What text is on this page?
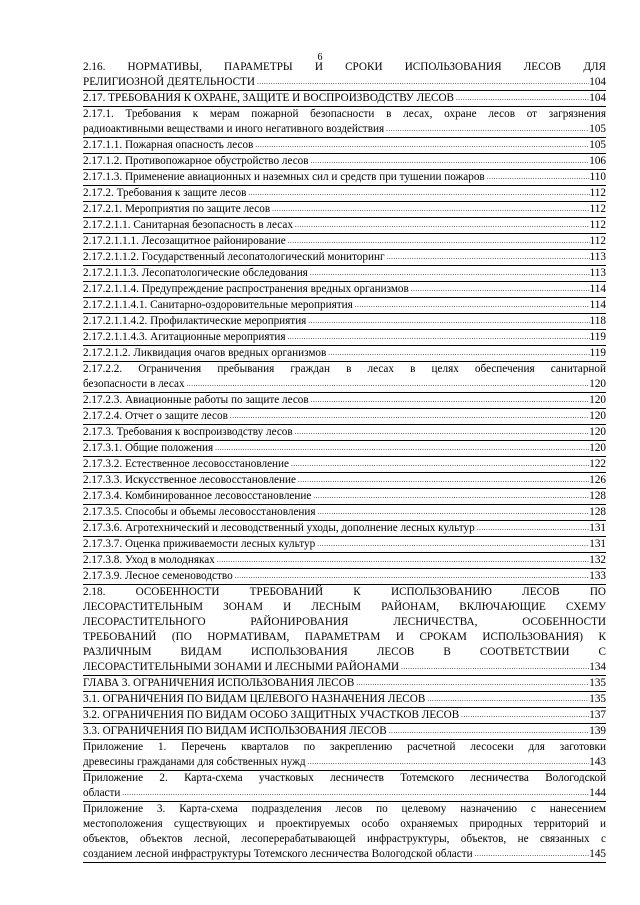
6
2.16. НОРМАТИВЫ, ПАРАМЕТРЫ И СРОКИ ИСПОЛЬЗОВАНИЯ ЛЕСОВ ДЛЯ
РЕЛИГИОЗНОЙ ДЕЯТЕЛЬНОСТИ . . .	104
2.17. ТРЕБОВАНИЯ К ОХРАНЕ, ЗАЩИТЕ И ВОСПРОИЗВОДСТВУ ЛЕСОВ . . .	104
2.17.1. Требования к мерам пожарной безопасности в лесах, охране лесов от загрязнения
радиоактивными веществами и иного негативного воздействия . . .	105
2.17.1.1. Пожарная опасность лесов . . .	105
2.17.1.2. Противопожарное обустройство лесов . . .	106
2.17.1.3. Применение авиационных и наземных сил и средств при тушении пожаров . . .	110
2.17.2. Требования к защите лесов . . .	112
2.17.2.1. Мероприятия по защите лесов . . .	112
2.17.2.1.1. Санитарная безопасность в лесах . . .	112
2.17.2.1.1.1. Лесозащитное районирование . . .	112
2.17.2.1.1.2. Государственный лесопатологический мониторинг . . .	113
2.17.2.1.1.3. Лесопатологические обследования . . .	113
2.17.2.1.1.4. Предупреждение распространения вредных организмов . . .	114
2.17.2.1.1.4.1. Санитарно-оздоровительные мероприятия . . .	114
2.17.2.1.1.4.2. Профилактические мероприятия . . .	118
2.17.2.1.1.4.3. Агитационные мероприятия . . .	119
2.17.2.1.2. Ликвидация очагов вредных организмов . . .	119
2.17.2.2. Ограничения пребывания граждан в лесах в целях обеспечения санитарной
безопасности в лесах . . .	120
2.17.2.3. Авиационные работы по защите лесов . . .	120
2.17.2.4. Отчет о защите лесов . . .	120
2.17.3. Требования к воспроизводству лесов . . .	120
2.17.3.1. Общие положения . . .	120
2.17.3.2. Естественное лесовосстановление . . .	122
2.17.3.3. Искусственное лесовосстановление . . .	126
2.17.3.4. Комбинированное лесовосстановление . . .	128
2.17.3.5. Способы и объемы лесовосстановления . . .	128
2.17.3.6. Агротехнический и лесоводственный уходы, дополнение лесных культур . . .	131
2.17.3.7. Оценка приживаемости лесных культур . . .	131
2.17.3.8. Уход в молодняках . . .	132
2.17.3.9. Лесное семеноводство . . .	133
2.18. ОСОБЕННОСТИ ТРЕБОВАНИЙ К ИСПОЛЬЗОВАНИЮ ЛЕСОВ ПО
ЛЕСОРАСТИТЕЛЬНЫМ ЗОНАМ И ЛЕСНЫМ РАЙОНАМ, ВКЛЮЧАЮЩИЕ СХЕМУ
ЛЕСОРАСТИТЕЛЬНОГО РАЙОНИРОВАНИЯ ЛЕСНИЧЕСТВА, ОСОБЕННОСТИ
ТРЕБОВАНИЙ (ПО НОРМАТИВАМ, ПАРАМЕТРАМ И СРОКАМ ИСПОЛЬЗОВАНИЯ) К
РАЗЛИЧНЫМ ВИДАМ ИСПОЛЬЗОВАНИЯ ЛЕСОВ В СООТВЕТСТВИИ С
ЛЕСОРАСТИТЕЛЬНЫМИ ЗОНАМИ И ЛЕСНЫМИ РАЙОНАМИ . . .	134
ГЛАВА 3. ОГРАНИЧЕНИЯ ИСПОЛЬЗОВАНИЯ ЛЕСОВ . . .	135
3.1. ОГРАНИЧЕНИЯ ПО ВИДАМ ЦЕЛЕВОГО НАЗНАЧЕНИЯ ЛЕСОВ . . .	135
3.2. ОГРАНИЧЕНИЯ ПО ВИДАМ ОСОБО ЗАЩИТНЫХ УЧАСТКОВ ЛЕСОВ . . .	137
3.3. ОГРАНИЧЕНИЯ ПО ВИДАМ ИСПОЛЬЗОВАНИЯ ЛЕСОВ . . .	139
Приложение 1. Перечень кварталов по закреплению расчетной лесосеки для заготовки
древесины гражданами для собственных нужд . . .	143
Приложение 2. Карта-схема участковых лесничеств Тотемского лесничества Вологодской
области . . .	144
Приложение 3. Карта-схема подразделения лесов по целевому назначению с нанесением
местоположения существующих и проектируемых особо охраняемых природных территорий и
объектов, объектов лесной, лесоперерабатывающей инфраструктуры, объектов, не связанных с
созданием лесной инфраструктуры Тотемского лесничества Вологодской области . . .	145
